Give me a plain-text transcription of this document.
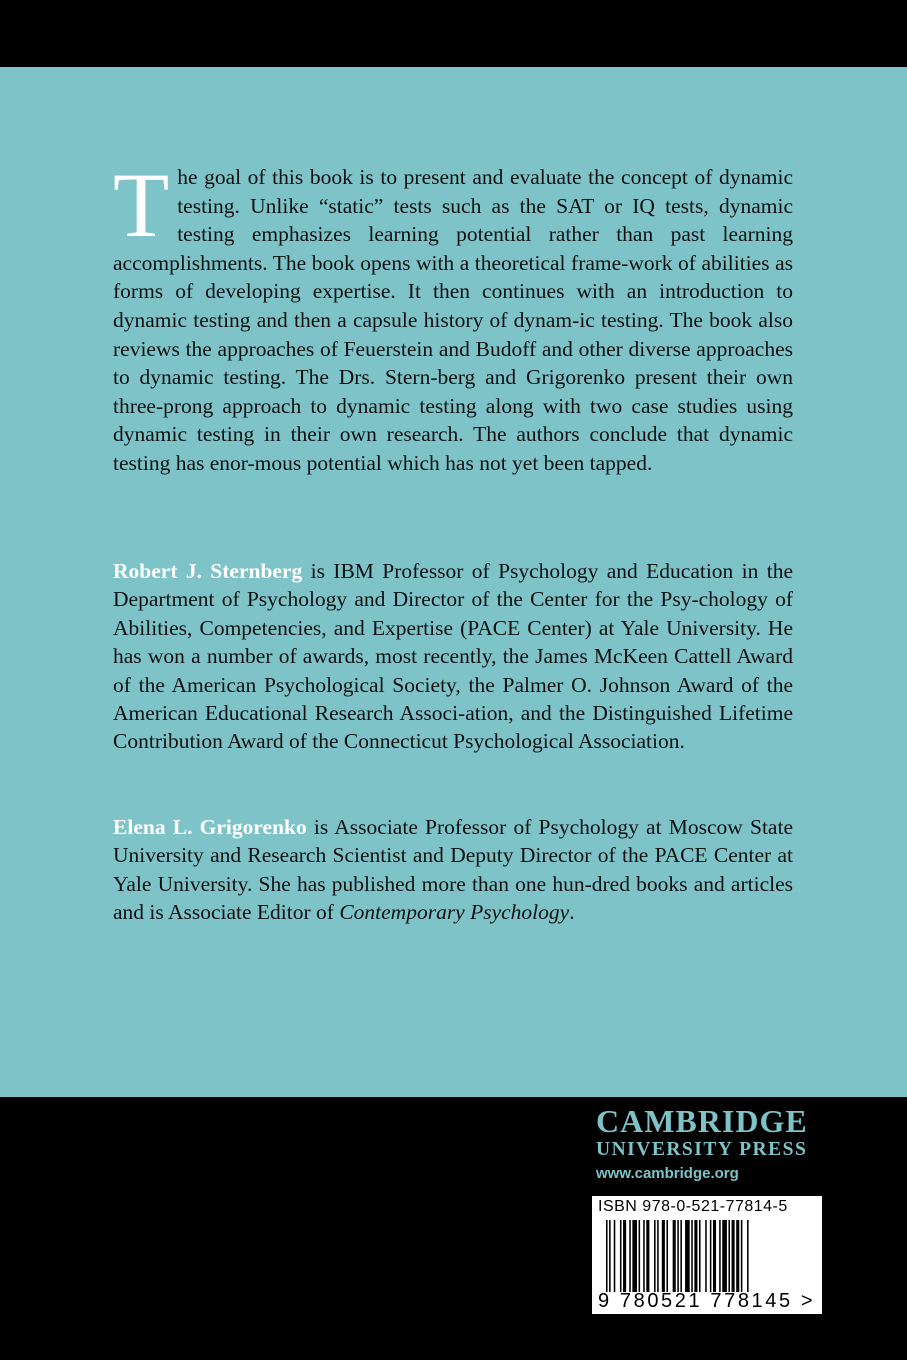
The goal of this book is to present and evaluate the concept of dynamic testing. Unlike “static” tests such as the SAT or IQ tests, dynamic testing emphasizes learning potential rather than past learning accomplishments. The book opens with a theoretical frame-work of abilities as forms of developing expertise. It then continues with an introduction to dynamic testing and then a capsule history of dynam-ic testing. The book also reviews the approaches of Feuerstein and Budoff and other diverse approaches to dynamic testing. The Drs. Stern-berg and Grigorenko present their own three-prong approach to dynamic testing along with two case studies using dynamic testing in their own research. The authors conclude that dynamic testing has enor-mous potential which has not yet been tapped.
Robert J. Sternberg is IBM Professor of Psychology and Education in the Department of Psychology and Director of the Center for the Psy-chology of Abilities, Competencies, and Expertise (PACE Center) at Yale University. He has won a number of awards, most recently, the James McKeen Cattell Award of the American Psychological Society, the Palmer O. Johnson Award of the American Educational Research Associ-ation, and the Distinguished Lifetime Contribution Award of the Connecticut Psychological Association.
Elena L. Grigorenko is Associate Professor of Psychology at Moscow State University and Research Scientist and Deputy Director of the PACE Center at Yale University. She has published more than one hun-dred books and articles and is Associate Editor of Contemporary Psychology.
CAMBRIDGE
UNIVERSITY PRESS
www.cambridge.org
ISBN 978-0-521-77814-5
9 780521 778145 >
